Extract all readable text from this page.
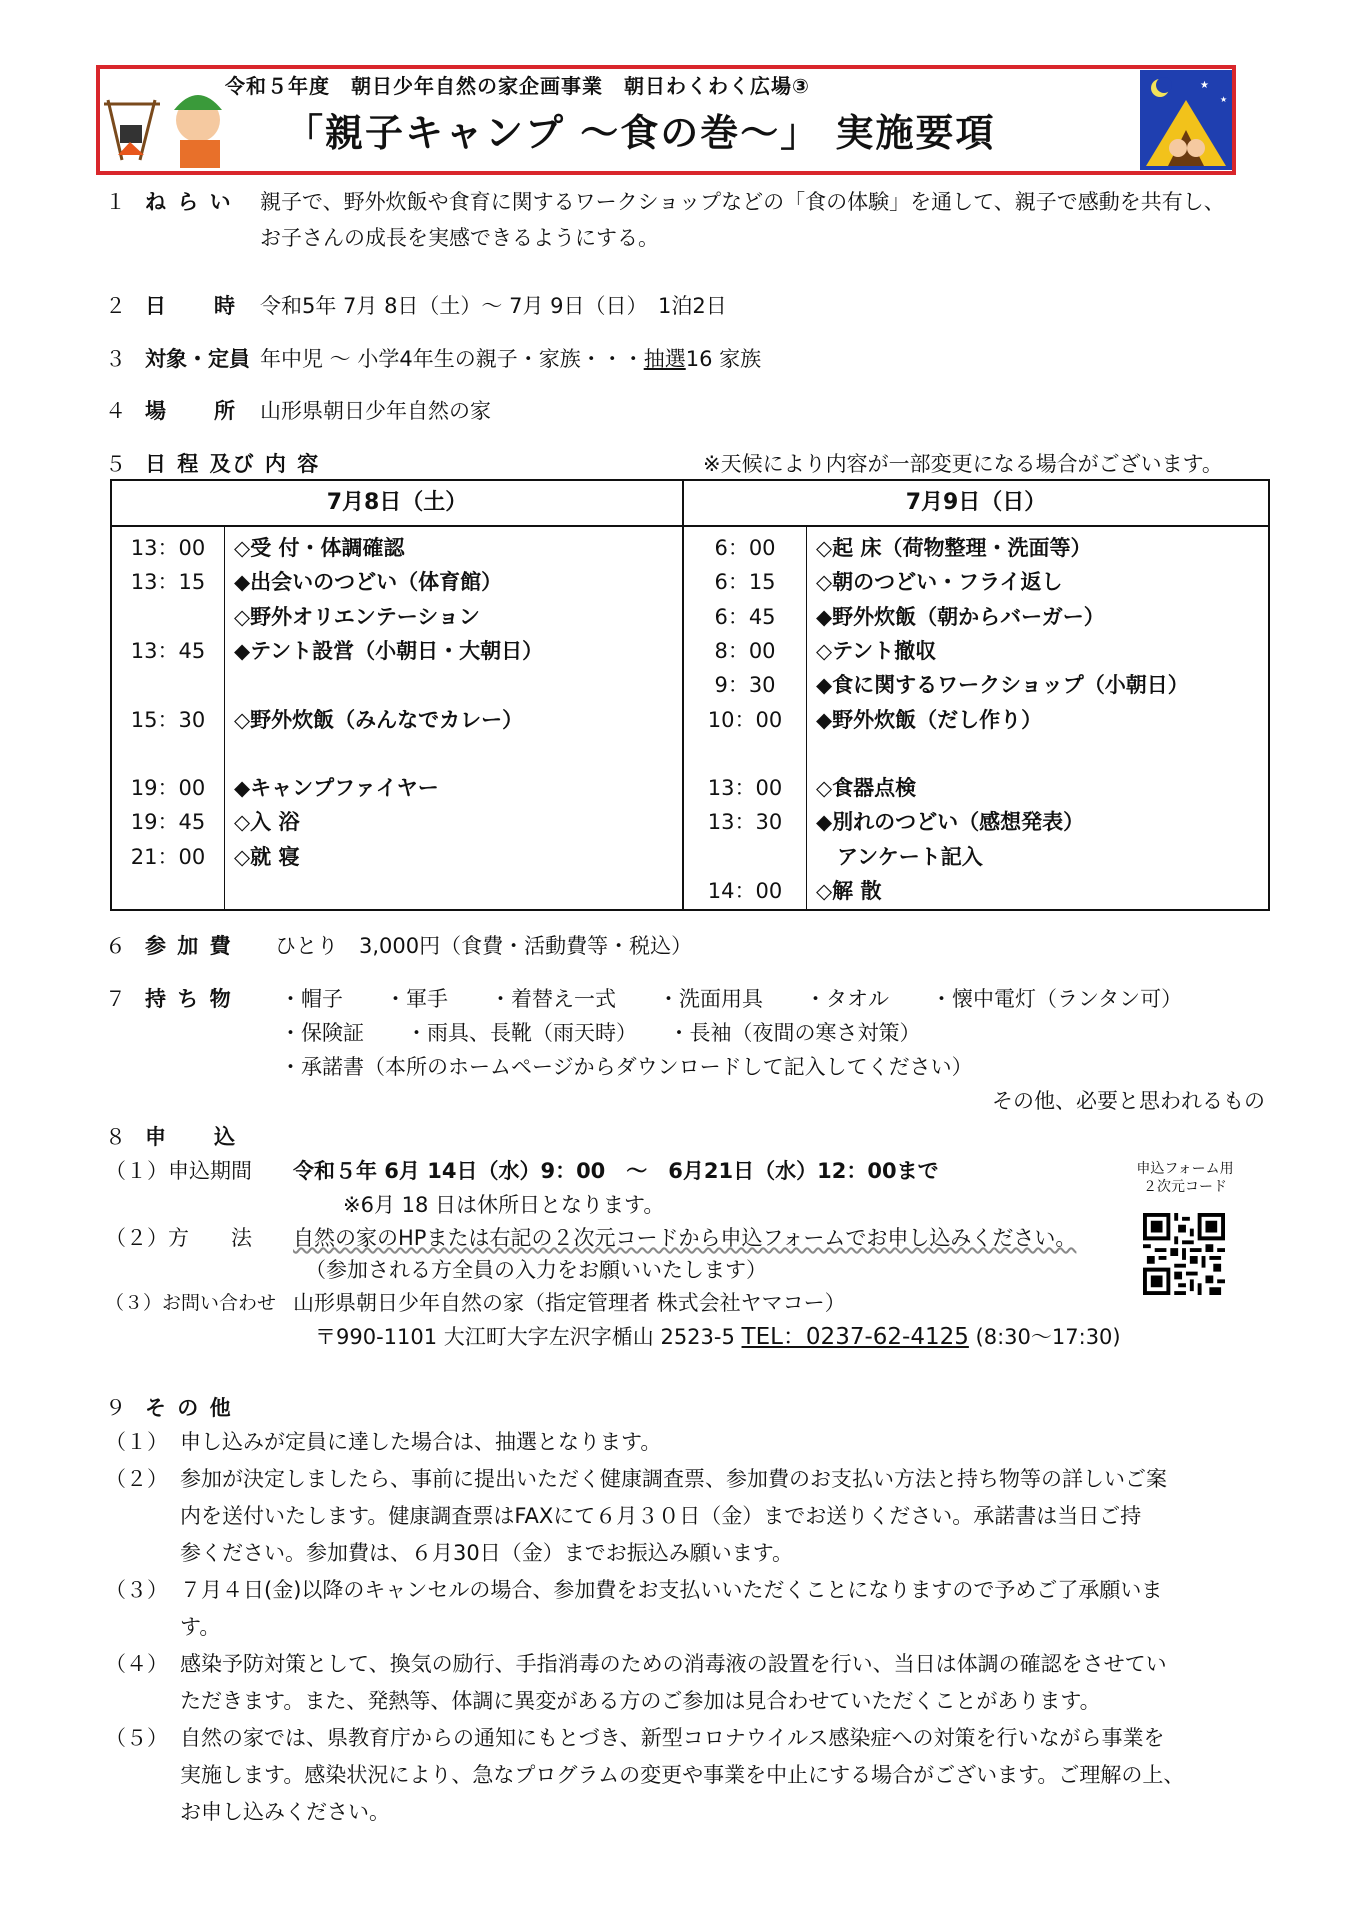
令和５年度　朝日少年自然の家企画事業　朝日わくわく広場③
「親子キャンプ ～食の巻～」 実施要項
★
★
１ ね ら い 親子で、野外炊飯や食育に関するワークショップなどの「食の体験」を通して、親子で感動を共有し、
お子さんの成長を実感できるようにする。
２ 日　　時 令和5年 7月 8日（土）～ 7月 9日（日）　1泊2日
３ 対象・定員 年中児 ～ 小学4年生の親子・家族・・・抽選16 家族
４ 場　　所 山形県朝日少年自然の家
５ 日 程 及び 内 容	※天候により内容が一部変更になる場合がございます。
7月8日（土）	7月9日（日）
13：00	◇受 付・体調確認
13：15	◆出会いのつどい（体育館）
◇野外オリエンテーション
13：45	◆テント設営（小朝日・大朝日）
15：30	◇野外炊飯（みんなでカレー）
19：00	◆キャンプファイヤー
19：45	◇入 浴
21：00	◇就 寝
6：00	◇起 床（荷物整理・洗面等）
6：15	◇朝のつどい・フライ返し
6：45	◆野外炊飯（朝からバーガー）
8：00	◇テント撤収
9：30	◆食に関するワークショップ（小朝日）
10：00	◆野外炊飯（だし作り）
13：00	◇食器点検
13：30	◆別れのつどい（感想発表）
　アンケート記入
14：00	◇解 散
６ 参 加 費 ひとり　3,000円（食費・活動費等・税込）
７ 持 ち 物 ・帽子　　・軍手　　・着替え一式　　・洗面用具　　・タオル　　・懐中電灯（ランタン可）
・保険証　　・雨具、長靴（雨天時）　　・長袖（夜間の寒さ対策）
・承諾書（本所のホームページからダウンロードして記入してください）
その他、必要と思われるもの
８ 申　　込
（１）申込期間 令和５年 6月 14日（水）9：00　～　6月21日（水）12：00まで
※6月 18 日は休所日となります。
申込フォーム用
２次元コード
（２）方　　法 自然の家のHPまたは右記の２次元コードから申込フォームでお申し込みください。
（参加される方全員の入力をお願いいたします）
（３）お問い合わせ 山形県朝日少年自然の家（指定管理者 株式会社ヤマコー）
〒990-1101 大江町大字左沢字楯山 2523-5 TEL：0237-62-4125 (8:30～17:30)
９ そ の 他
（１） 申し込みが定員に達した場合は、抽選となります。
（２） 参加が決定しましたら、事前に提出いただく健康調査票、参加費のお支払い方法と持ち物等の詳しいご案
内を送付いたします。健康調査票はFAXにて６月３０日（金）までお送りください。承諾書は当日ご持
参ください。参加費は、６月30日（金）までお振込み願います。
（３） ７月４日(金)以降のキャンセルの場合、参加費をお支払いいただくことになりますので予めご了承願いま
す。
（４） 感染予防対策として、換気の励行、手指消毒のための消毒液の設置を行い、当日は体調の確認をさせてい
ただきます。また、発熱等、体調に異変がある方のご参加は見合わせていただくことがあります。
（５） 自然の家では、県教育庁からの通知にもとづき、新型コロナウイルス感染症への対策を行いながら事業を
実施します。感染状況により、急なプログラムの変更や事業を中止にする場合がございます。ご理解の上、
お申し込みください。
